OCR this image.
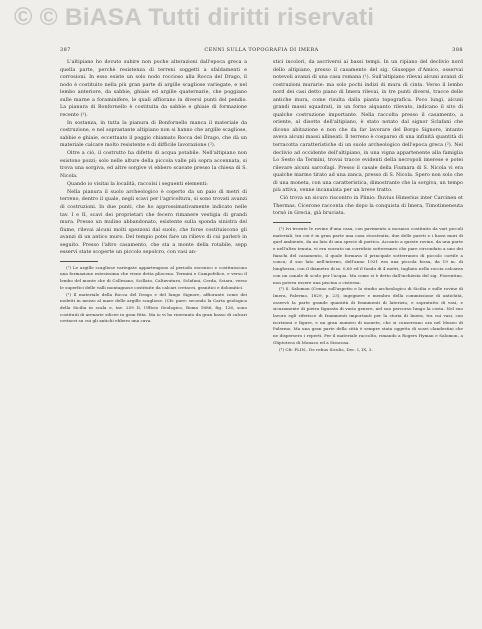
© © BiASA Tutti diritti riservati
387	CENNI SULLA TOPOGRAFIA DI IMERA	388

L'altipiano ho dovuto subire non poche alterazioni dall'epoca greca a quella parte, perchè resistenza di terreni soggetti a sfaldamenti e corrosioni. In esso esiste un solo nodo roccioso alla Rocca del Drago, il nodo è costituito nella più gran parte di argille scagliose variegate, e nel lembo anteriore, da sabbie, ghiaie ed argille quaternarie, che poggiano sulle marne a foraminifere, le quali affiorano in diversi punti del pendio. La pianura di Bonfornello è costituita da sabbie e ghiaie di formazione recente (¹).

In sostanza, in tutta la pianura di Bonfornello manca il materiale da costruzione, e nel soprastante altipiano non si hanno che argille scagliose, sabbie e ghiaie, eccettuato il poggio chiamato Rocca del Drago, che dà un materiale calcare molto resistente e di difficile lavorazione (²).

Oltre a ciò, il costrutto ha difetto di acqua potabile. Nell'altipiano non esistono pozzi; solo nelle alture della piccola valle più sopra accennata, si trova una sorgiva, ed altre sorgive vi ebbero scavate presso la chiesa di S. Nicola.

Quando io visitai la località, raccolsi i seguenti elementi:

Nella pianura il suolo archeologico è coperto da un paio di metri di terreno, dentro il quale, negli scavi per l'agricoltura, si sono trovati avanzi di costruzioni. In due punti, che ho approssimativamente indicato nelle tav. I e II, scavi dei proprietari che fecero rimanere vestigia di grandi mura. Presso un mulino abbandonato, esistente sulla sponda sinistra del fiume, rilevai alcuni molti spezzoni dal suolo, che forse costituiscono gli avanzi di un antico muro. Del tempio potei fare un rilievo di cui parlerò in seguito. Presso l'altro casamento, che sta a monte della rotabile, sepp esservi state scoperte un piccolo sepolcro, con vasi an-

(¹) Le argille scagliose variegate appartengono al periodo eocenico e costituiscono una formazione estesissima che viene detta plioceno. Termini e Campofelice, e verso il lembo del monte che di Collesano, Scillato, Caltavuturo, Sclafani, Cerda, Sciara, verso le superfici delle valli montagnose costituite da calcari cretacei, granitici e dolomitici.

(²) Il materiale della Rocca del Drago e del lungo Signore, affiorante come dei nodetti in mezzo al mare delle argille scagliose. (Cfr. pure: secondo la Carta geologica della Sicilia in scala e, tav. 259 II, Ufficio Geologico, Roma 1886, fig. 126, sono costituiti di arenarie silicee in gran fitta. Ma io vi ho rinvenuto da gran basso di calcari cretacei su cui gli antichi ebbero una cava.

stici incolori, da ascriversi ai bassi tempi. In un ripiano del declivio nord dello altipiano, presso il casamento del sig. Giuseppe d'Amico, osservai notevoli avanzi di una casa romana (¹). Sull'altipiano rilevai alcuni avanzi di costruzioni murarie: ma solo pochi indizi di mura di cinta. Verso il lembo nord dei casi detto piano di Imera rilevai, in tre punti diversi, tracce delle antiche mura, come risulta dalla pianta topografica. Poco lungi, alcuni grandi massi squadrati, in un forno alquanto rilevato, indicano il sito di qualche costruzione importante. Nella raccolta presso il casamento, a oriente, al disotto dell'altipiano, è stato notato dal signor Sclafani che dicono abitazione e non che da far lavorare del Borgo Signore, intanto aveva alcuni massi allineati. Il terreno è cosparso di una infinità quantità di terracotta caratteristiche di un suolo archeologico dell'epoca greca (²). Nel declivio ad occidente dell'altipiano, in una vigna appartenente alla famiglia Lo Sesto da Termini, trovai tracce evidenti della necropoli imerese e potei rilevare alcuni sarcofagi. Presso il casale della Fiumara di S. Nicola vi era qualche marmo tirato ad una zanca, presso di S. Nicola. Spero non solo che di una moneta, con una caratteristica, dimostrante che la sorgiva, un tempo più attiva, venne incanalata per un breve tratto.

Ciò trova un sicuro riscontro in Plinio: fluvius Himerius inter Carcinen et Thermas. Cicerone racconta che dopo la conquista di Imera, Timotimeneuta tornò in Grecia, già bruciata.

(¹) Ivi trovate le rovine d'una casa, con pavimento a mosaico costituito da vari piccoli materiali, tra cui è in gran parte una casa ricostruita, due delle pareti e i bassi muri di quel ambiente, da un lato di una specie di portico. Accanto a queste rovine, da una parte e nell'altra tenuta, vi era scavato un corridoio sotterraneo che pare circondato a uno dei fianchi del casamento, il quale formava il principale sotterraneo di piccolo cortile a conca; il suo lato nell'interno, dell'anno 1931 era una piccola fossa, da 19 m. di lunghezza, con il diametro di m. 0,60 ed il fondo di 4 metri, tagliato nella roccia calcarea con un canale di scolo per l'acqua. Ma come si è detto dall'inchiesta del sig. Fiorentino, non poteva essere una piscina o cisterna.

(²) S. Salomon (Cenno sull'aspetto e lo studio archeologico di Sicilia e sulle rovine di Imera, Palermo, 1829, p. 23), ingegnere e membro della commissione di antichità, osservò la parte grande quantità di frammenti di laterizio, e sopratutto di vasi, e sicuramente di pietra figurata di vario genere, nel suo percorso lungo la costa. Nel suo lavoro egli riferisce di frammenti importanti per la storia di Imera, tra cui vasi, con iscrizioni e figure, e un gran numero di monete, che si conservano ora nel Museo di Palermo. Ma una gran parte della città è sempre stata oggetto di scavi clandestini che ne dispersero i reperti. Per il materiale raccolto, rimando a Rogers Hyman e Salomon, a Gliptoteca di Monaco ed a Siracusa.

(³) Cfr. PLIN., De rebus Siculis, Dec. I, IX, 3.
